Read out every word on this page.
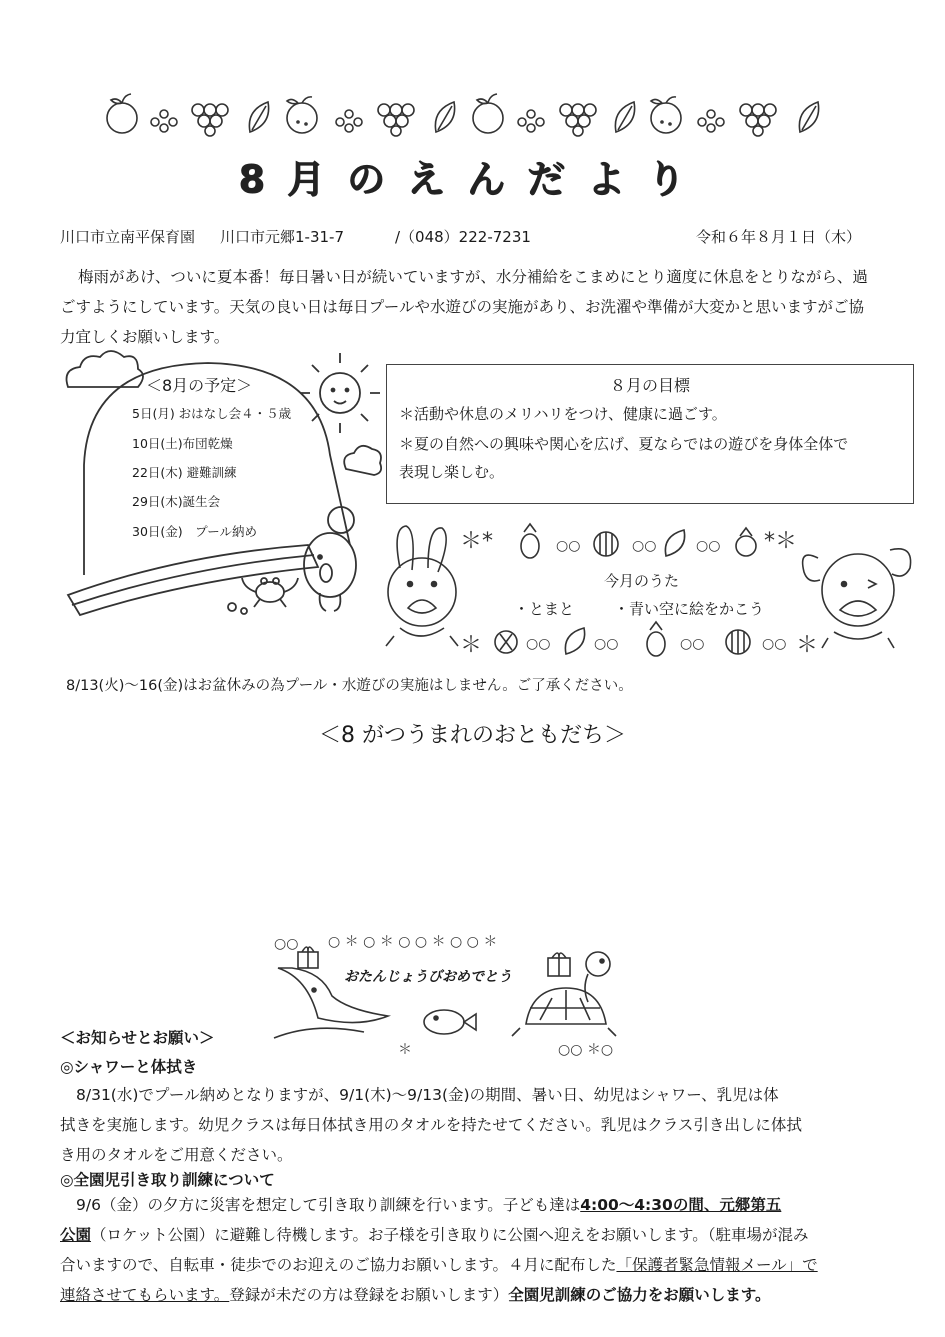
8月のえんだより
川口市立南平保育園 川口市元郷1-31-7	/（048）222-7231	令和６年８月１日（木）
梅雨があけ、ついに夏本番！毎日暑い日が続いていますが、水分補給をこまめにとり適度に休息をとりながら、過
ごすようにしています。天気の良い日は毎日プールや水遊びの実施があり、お洗濯や準備が大変かと思いますがご協
力宜しくお願いします。
＜8月の予定＞
5日(月) おはなし会４・５歳
10日(土)布団乾燥
22日(木) 避難訓練
29日(木)誕生会
30日(金)　プール納め
８月の目標
＊活動や休息のメリハリをつけ、健康に過ごす。
＊夏の自然への興味や関心を広げ、夏ならではの遊びを身体全体で
表現し楽しむ。
＊*	○○	○○	○○ *＊
＊	○○	○○	○○	○○ ＊
今月のうた
・とまと	・青い空に絵をかこう
8/13(火)～16(金)はお盆休みの為プール・水遊びの実施はしません。ご了承ください。
＜8 がつうまれのおともだち＞
○○ ○ ＊ ○ ＊ ○ ○ ＊ ○ ○ ＊
＊	○○ ＊○
おたんじょうびおめでとう
＜お知らせとお願い＞
◎シャワーと体拭き
8/31(水)でプール納めとなりますが、9/1(木)～9/13(金)の期間、暑い日、幼児はシャワー、乳児は体
拭きを実施します。幼児クラスは毎日体拭き用のタオルを持たせてください。乳児はクラス引き出しに体拭
き用のタオルをご用意ください。
◎全園児引き取り訓練について
9/6（金）の夕方に災害を想定して引き取り訓練を行います。子ども達は4:00～4:30の間、元郷第五
公園（ロケット公園）に避難し待機します。お子様を引き取りに公園へ迎えをお願いします。（駐車場が混み
合いますので、自転車・徒歩でのお迎えのご協力お願いします。４月に配布した「保護者緊急情報メール」で
連絡させてもらいます。登録が未だの方は登録をお願いします）全園児訓練のご協力をお願いします。
